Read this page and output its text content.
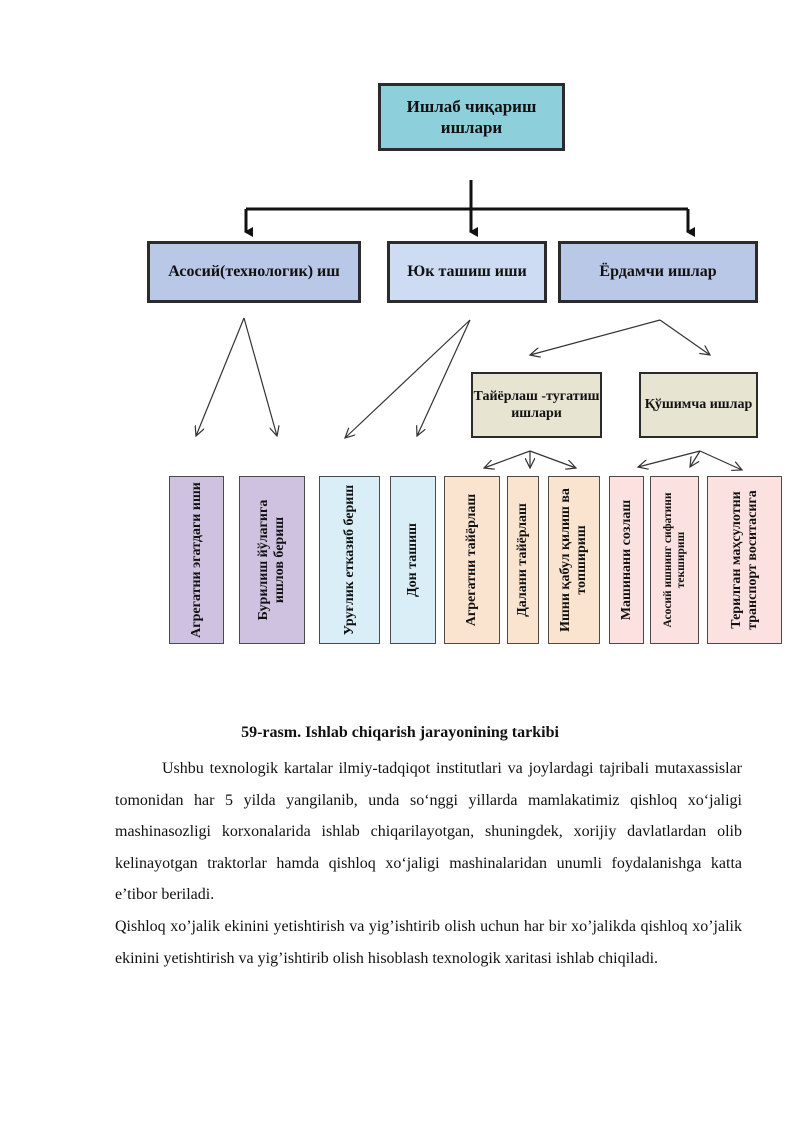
Ишлаб чиқариш ишлари
Асосий(технологик) иш	Юк ташиш иши	Ёрдамчи ишлар
Тайёрлаш -тугатиш ишлари
Қўшимча ишлар
Агрегатни эгатдаги иши	Бурилиш йўлагига ишлов бериш	Уруғлик етказиб бериш	Дон ташиш	Агрегатни тайёрлаш	Далани тайёрлаш Ишни қабул қилиш ва топшириш Машинани созлаш Асосий ишнинг сифатини текшириш	Терилган маҳсулотни транспорт воситасига
59-rasm. Ishlab chiqarish jarayonining tarkibi
Ushbu texnologik kartalar ilmiy-tadqiqot institutlari va joylardagi tajribali mutaxassislar tomonidan har 5 yilda yangilanib, unda so‘nggi yillarda mamlakatimiz qishloq xo‘jaligi mashinasozligi korxonalarida ishlab chiqarilayotgan, shuningdek, xorijiy davlatlardan olib kelinayotgan traktorlar hamda qishloq xo‘jaligi mashinalaridan unumli foydalanishga katta e’tibor beriladi.
Qishloq xo’jalik ekinini yetishtirish va yig’ishtirib olish uchun har bir xo’jalikda qishloq xo’jalik ekinini yetishtirish va yig’ishtirib olish hisoblash texnologik xaritasi ishlab chiqiladi.
